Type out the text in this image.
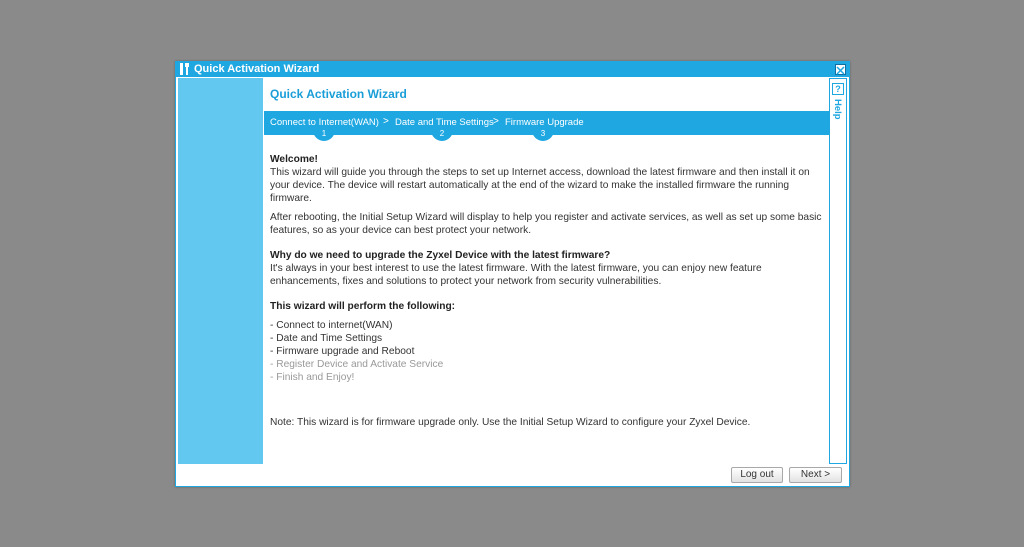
Quick Activation Wizard
Quick Activation Wizard
Connect to Internet(WAN) > Date and Time Settings > Firmware Upgrade
1	2	3

Welcome!

This wizard will guide you through the steps to set up Internet access, download the latest firmware and then install it on your device. The device will restart automatically at the end of the wizard to make the installed firmware the running firmware.

After rebooting, the Initial Setup Wizard will display to help you register and activate services, as well as set up some basic features, so as your device can best protect your network.

Why do we need to upgrade the Zyxel Device with the latest firmware?

It's always in your best interest to use the latest firmware. With the latest firmware, you can enjoy new feature enhancements, fixes and solutions to protect your network from security vulnerabilities.

This wizard will perform the following:

- Connect to internet(WAN)

- Date and Time Settings

- Firmware upgrade and Reboot

- Register Device and Activate Service

- Finish and Enjoy!

Note: This wizard is for firmware upgrade only. Use the Initial Setup Wizard to configure your Zyxel Device.

?
Help
Log out	Next >
